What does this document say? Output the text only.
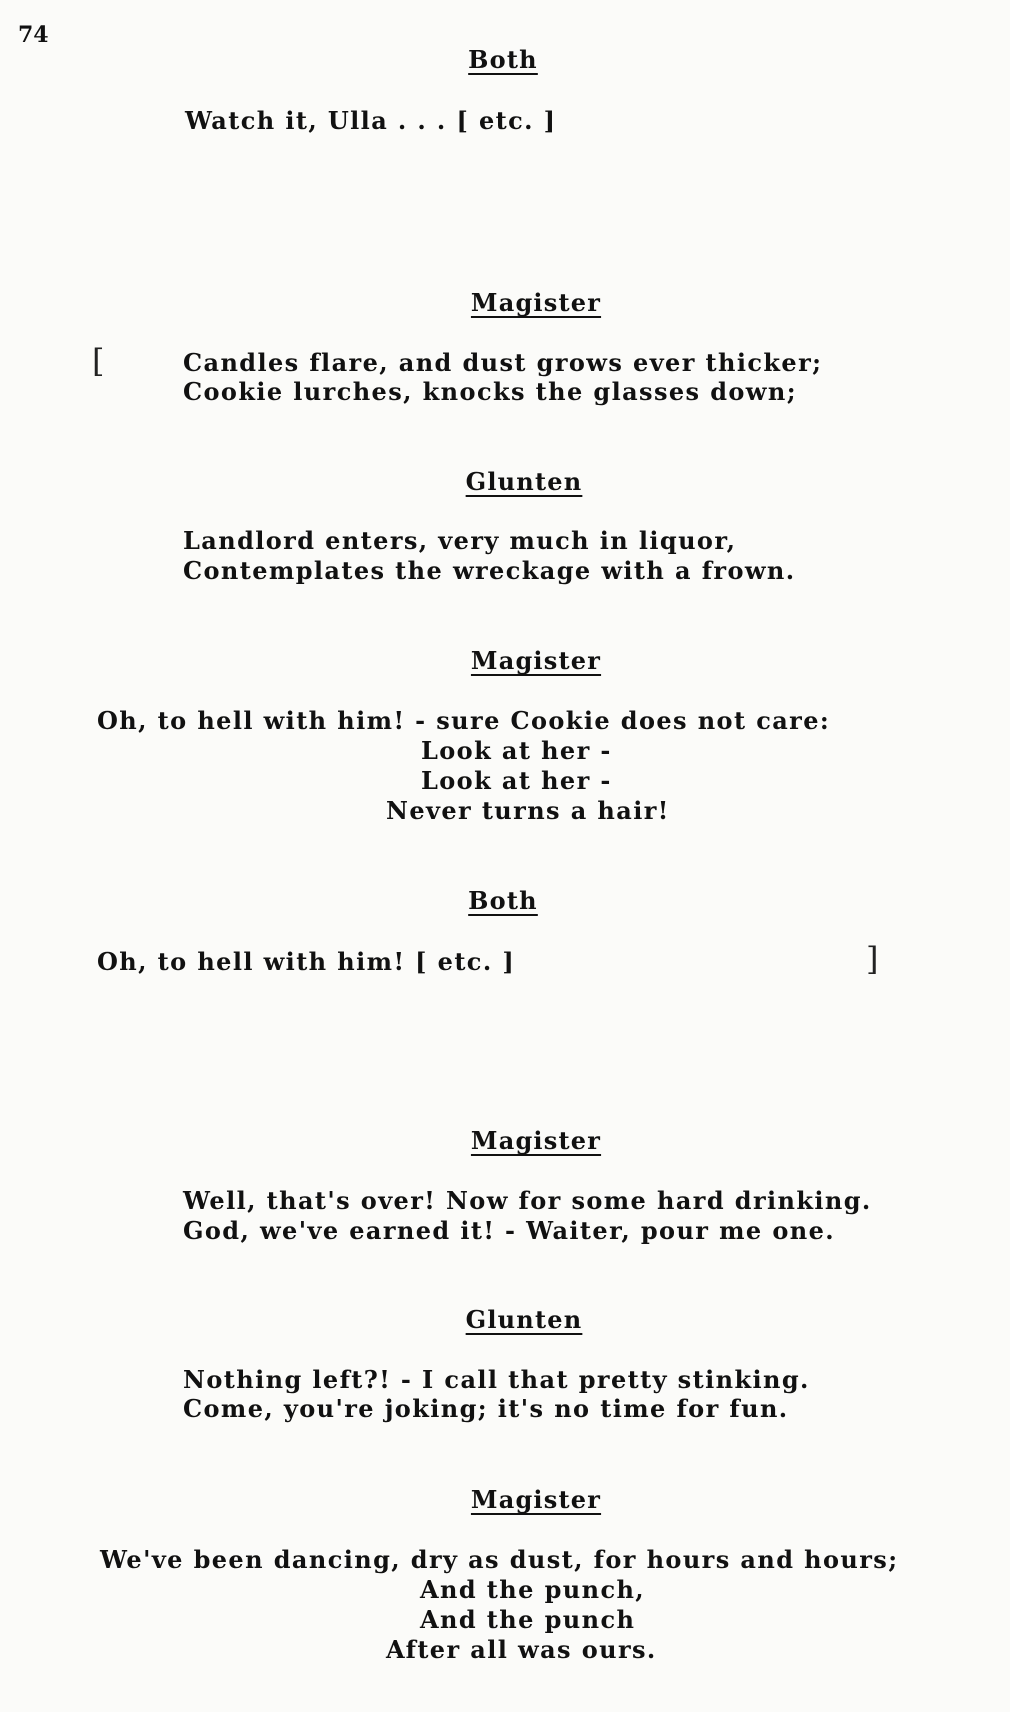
74
Both
Watch it, Ulla . . . [ etc. ]
Magister
[	Candles flare, and dust grows ever thicker;
Cookie lurches, knocks the glasses down;
Glunten
Landlord enters, very much in liquor,
Contemplates the wreckage with a frown.
Magister
Oh, to hell with him! - sure Cookie does not care:
Look at her -
Look at her -
Never turns a hair!
Both
Oh, to hell with him! [ etc. ]	]
Magister
Well, that's over! Now for some hard drinking.
God, we've earned it! - Waiter, pour me one.
Glunten
Nothing left?! - I call that pretty stinking.
Come, you're joking; it's no time for fun.
Magister
We've been dancing, dry as dust, for hours and hours;
And the punch,
And the punch
After all was ours.
